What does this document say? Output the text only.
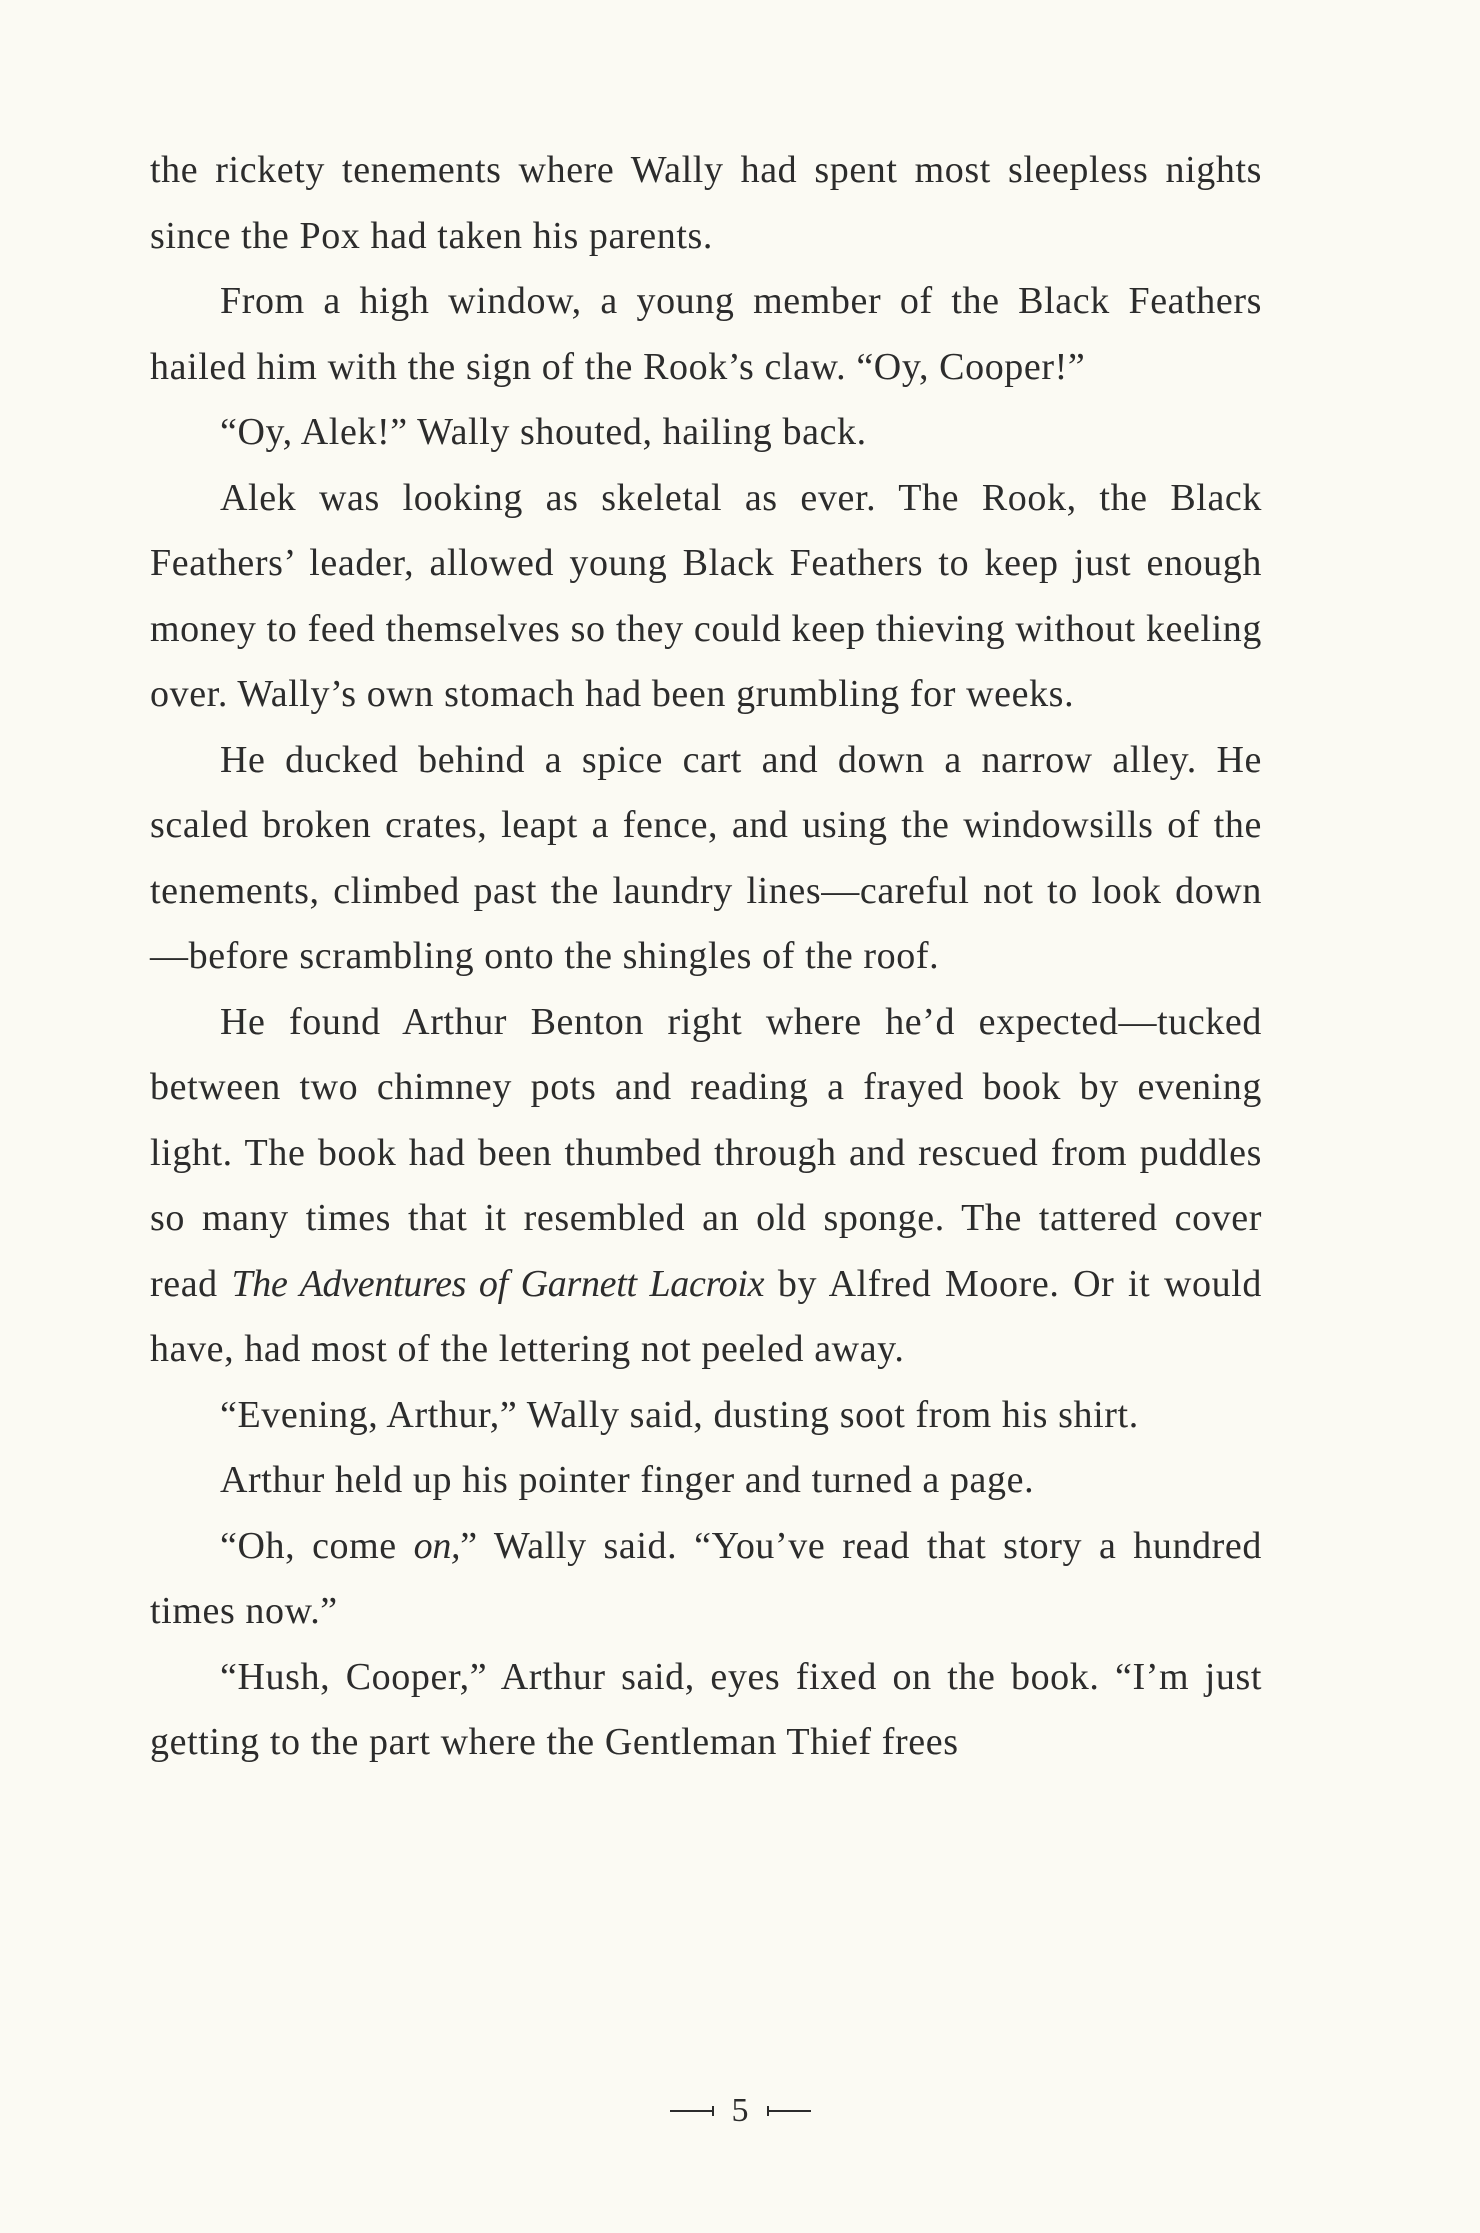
the rickety tenements where Wally had spent most sleepless nights since the Pox had taken his parents.

From a high window, a young member of the Black Feathers hailed him with the sign of the Rook’s claw. “Oy, Cooper!”

“Oy, Alek!” Wally shouted, hailing back.

Alek was looking as skeletal as ever. The Rook, the Black Feathers’ leader, allowed young Black Feathers to keep just enough money to feed themselves so they could keep thieving without keeling over. Wally’s own stomach had been grumbling for weeks.

He ducked behind a spice cart and down a narrow alley. He scaled broken crates, leapt a fence, and using the windowsills of the tenements, climbed past the laundry lines—careful not to look down—before scrambling onto the shingles of the roof.

He found Arthur Benton right where he’d expected—tucked between two chimney pots and reading a frayed book by evening light. The book had been thumbed through and rescued from puddles so many times that it resembled an old sponge. The tattered cover read The Adventures of Garnett Lacroix by Alfred Moore. Or it would have, had most of the lettering not peeled away.

“Evening, Arthur,” Wally said, dusting soot from his shirt.

Arthur held up his pointer finger and turned a page.

“Oh, come on,” Wally said. “You’ve read that story a hundred times now.”

“Hush, Cooper,” Arthur said, eyes fixed on the book. “I’m just getting to the part where the Gentleman Thief frees

5
